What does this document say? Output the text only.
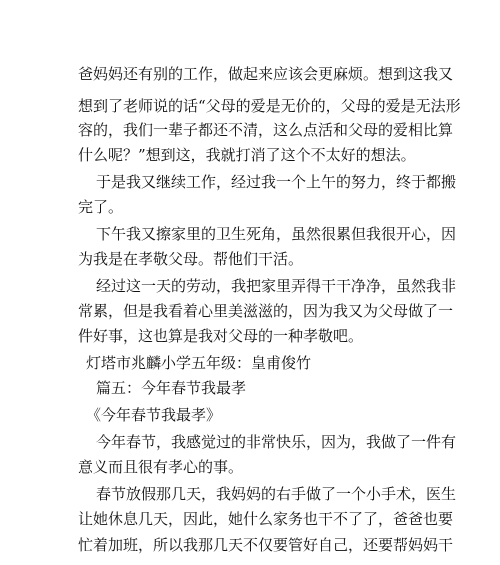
爸妈妈还有别的工作，做起来应该会更麻烦。想到这我又
想到了老师说的话“父母的爱是无价的，父母的爱是无法形
容的，我们一辈子都还不清，这么点活和父母的爱相比算
什么呢？”想到这，我就打消了这个不太好的想法。
于是我又继续工作，经过我一个上午的努力，终于都搬
完了。
下午我又擦家里的卫生死角，虽然很累但我很开心，因
为我是在孝敬父母。帮他们干活。
经过这一天的劳动，我把家里弄得干干净净，虽然我非
常累，但是我看着心里美滋滋的，因为我又为父母做了一
件好事，这也算是我对父母的一种孝敬吧。
灯塔市兆麟小学五年级：皇甫俊竹
篇五：今年春节我最孝
《今年春节我最孝》
今年春节，我感觉过的非常快乐，因为，我做了一件有
意义而且很有孝心的事。
春节放假那几天，我妈妈的右手做了一个小手术，医生
让她休息几天，因此，她什么家务也干不了了，爸爸也要
忙着加班，所以我那几天不仅要管好自己，还要帮妈妈干
